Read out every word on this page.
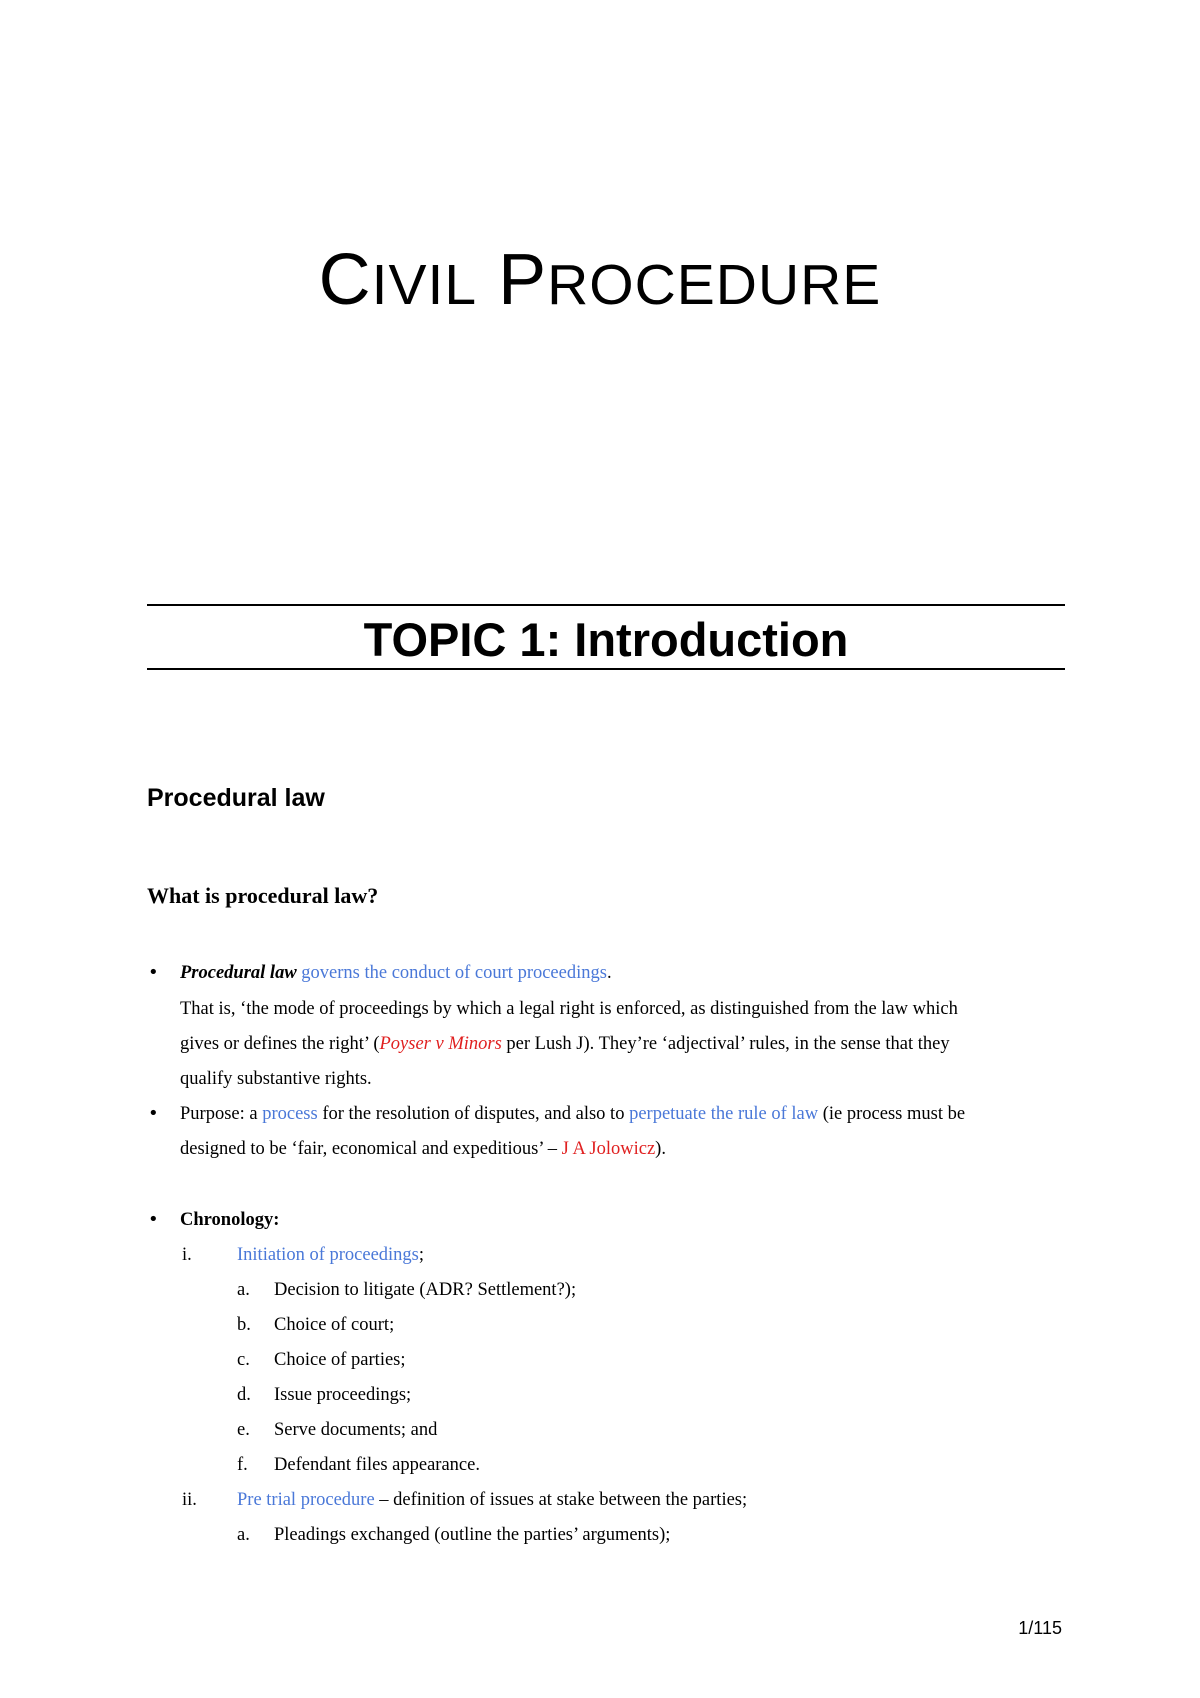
CIVIL PROCEDURE
TOPIC 1: Introduction
Procedural law
What is procedural law?
• Procedural law governs the conduct of court proceedings.
That is, ‘the mode of proceedings by which a legal right is enforced, as distinguished from the law which
gives or defines the right’ (Poyser v Minors per Lush J). They’re ‘adjectival’ rules, in the sense that they
qualify substantive rights.
• Purpose: a process for the resolution of disputes, and also to perpetuate the rule of law (ie process must be
designed to be ‘fair, economical and expeditious’ – J A Jolowicz).
• Chronology:
i. Initiation of proceedings;
a. Decision to litigate (ADR? Settlement?);
b. Choice of court;
c. Choice of parties;
d. Issue proceedings;
e. Serve documents; and
f. Defendant files appearance.
ii. Pre trial procedure – definition of issues at stake between the parties;
a. Pleadings exchanged (outline the parties’ arguments);
1/115
